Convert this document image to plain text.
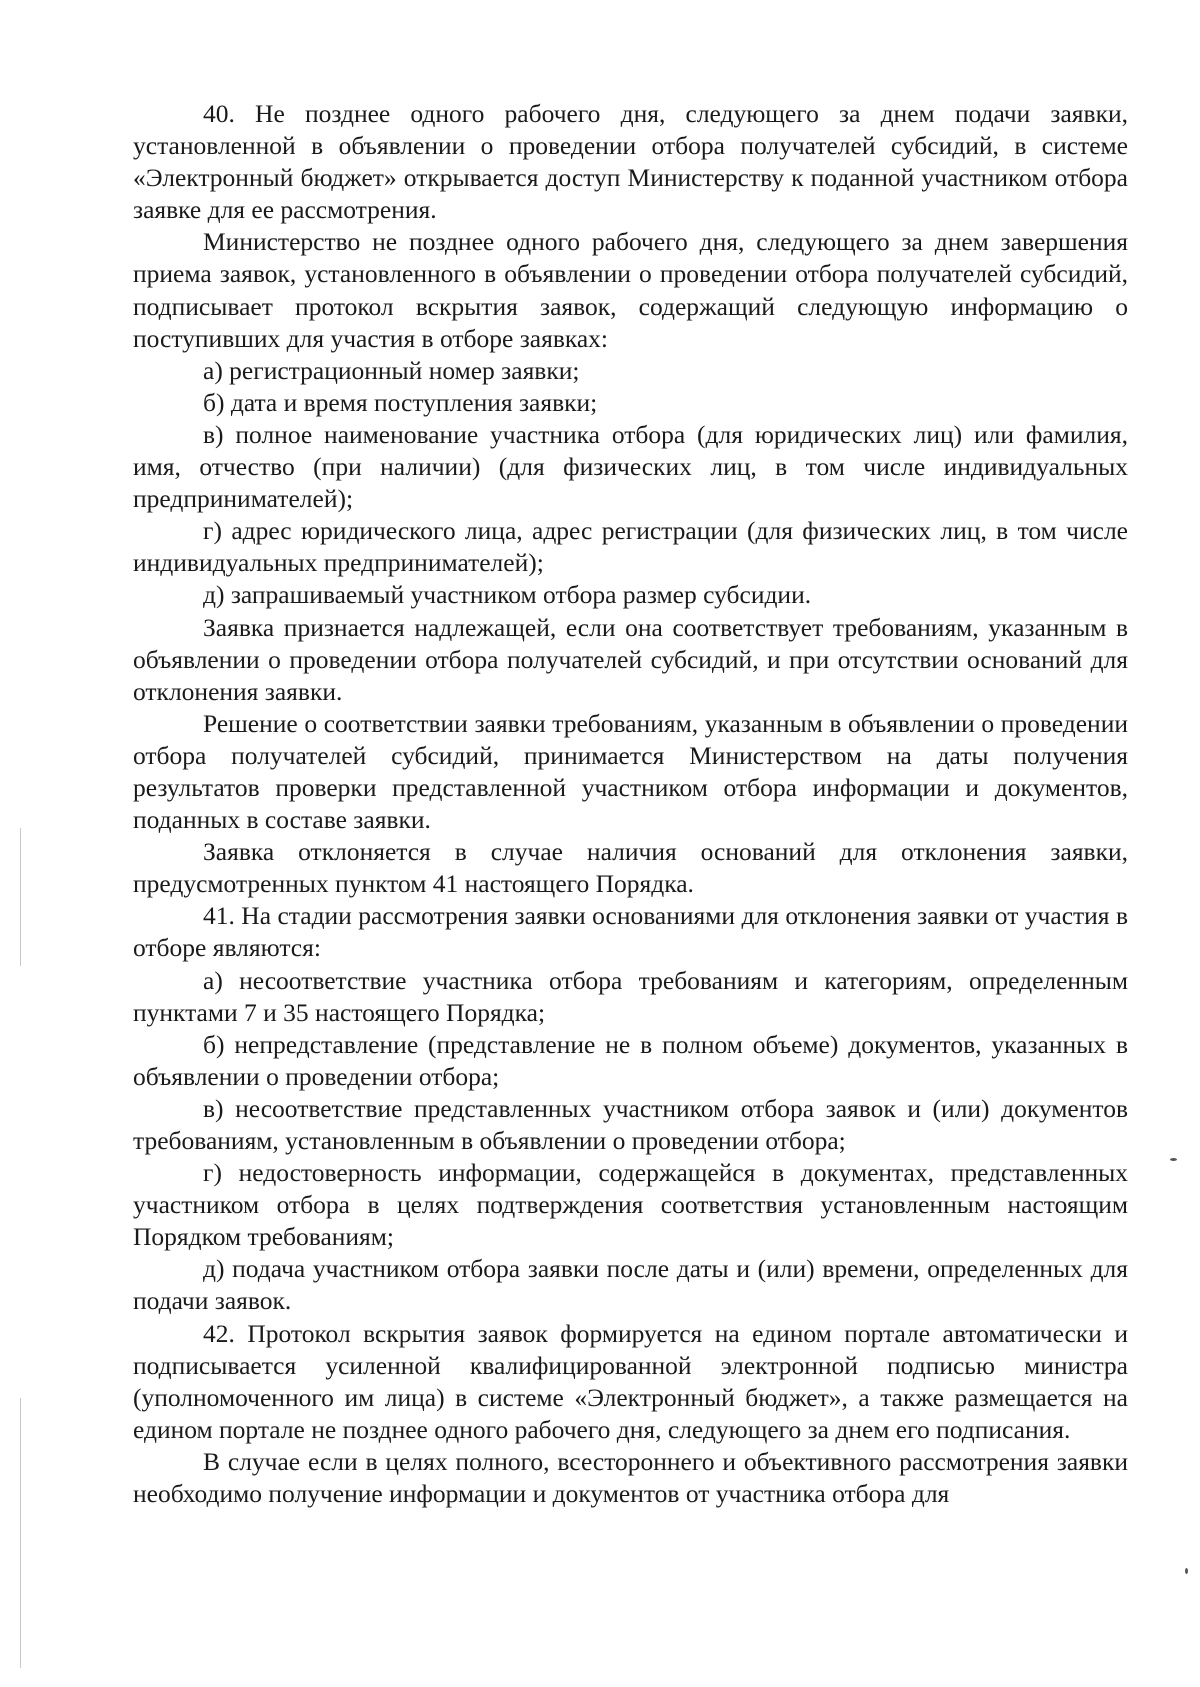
40. Не позднее одного рабочего дня, следующего за днем подачи заявки, установленной в объявлении о проведении отбора получателей субсидий, в системе «Электронный бюджет» открывается доступ Министерству к поданной участником отбора заявке для ее рассмотрения.

Министерство не позднее одного рабочего дня, следующего за днем завершения приема заявок, установленного в объявлении о проведении отбора получателей субсидий, подписывает протокол вскрытия заявок, содержащий следующую информацию о поступивших для участия в отборе заявках:

а) регистрационный номер заявки;

б) дата и время поступления заявки;

в) полное наименование участника отбора (для юридических лиц) или фамилия, имя, отчество (при наличии) (для физических лиц, в том числе индивидуальных предпринимателей);

г) адрес юридического лица, адрес регистрации (для физических лиц, в том числе индивидуальных предпринимателей);

д) запрашиваемый участником отбора размер субсидии.

Заявка признается надлежащей, если она соответствует требованиям, указанным в объявлении о проведении отбора получателей субсидий, и при отсутствии оснований для отклонения заявки.

Решение о соответствии заявки требованиям, указанным в объявлении о проведении отбора получателей субсидий, принимается Министерством на даты получения результатов проверки представленной участником отбора информации и документов, поданных в составе заявки.

Заявка отклоняется в случае наличия оснований для отклонения заявки, предусмотренных пунктом 41 настоящего Порядка.

41. На стадии рассмотрения заявки основаниями для отклонения заявки от участия в отборе являются:

а) несоответствие участника отбора требованиям и категориям, определенным пунктами 7 и 35 настоящего Порядка;

б) непредставление (представление не в полном объеме) документов, указанных в объявлении о проведении отбора;

в) несоответствие представленных участником отбора заявок и (или) документов требованиям, установленным в объявлении о проведении отбора;

г) недостоверность информации, содержащейся в документах, представленных участником отбора в целях подтверждения соответствия установленным настоящим Порядком требованиям;

д) подача участником отбора заявки после даты и (или) времени, определенных для подачи заявок.

42. Протокол вскрытия заявок формируется на едином портале автоматически и подписывается усиленной квалифицированной электронной подписью министра (уполномоченного им лица) в системе «Электронный бюджет», а также размещается на едином портале не позднее одного рабочего дня, следующего за днем его подписания.

В случае если в целях полного, всестороннего и объективного рассмотрения заявки необходимо получение информации и документов от участника отбора для
